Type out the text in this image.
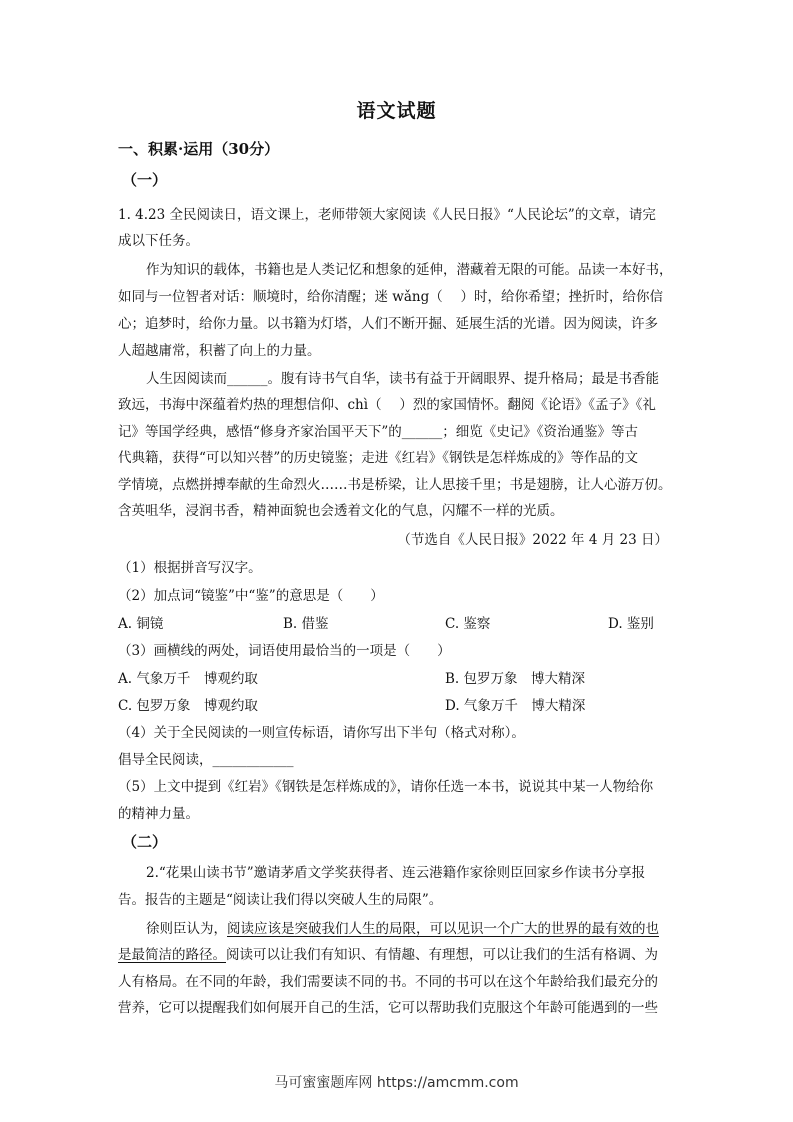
语文试题
一、积累·运用（30分）
（一）
1. 4.23 全民阅读日，语文课上，老师带领大家阅读《人民日报》“人民论坛”的文章，请完
成以下任务。
作为知识的载体，书籍也是人类记忆和想象的延伸，潜藏着无限的可能。品读一本好书，
如同与一位智者对话：顺境时，给你清醒；迷 wǎng（　 ）时，给你希望；挫折时，给你信
心；追梦时，给你力量。以书籍为灯塔，人们不断开掘、延展生活的光谱。因为阅读，许多
人超越庸常，积蓄了向上的力量。
人生因阅读而______。腹有诗书气自华，读书有益于开阔眼界、提升格局；最是书香能
致远，书海中深蕴着灼热的理想信仰、chì（　 ）烈的家国情怀。翻阅《论语》《孟子》《礼
记》等国学经典，感悟“修身齐家治国平天下”的______；细览《史记》《资治通鉴》等古
代典籍，获得“可以知兴替”的历史镜鉴；走进《红岩》《钢铁是怎样炼成的》等作品的文
学情境，点燃拼搏奉献的生命烈火……书是桥梁，让人思接千里；书是翅膀，让人心游万仞。
含英咀华，浸润书香，精神面貌也会透着文化的气息，闪耀不一样的光质。
（节选自《人民日报》2022 年 4 月 23 日）
（1）根据拼音写汉字。
（2）加点词“镜鉴”中“鉴”的意思是（　　）
A. 铜镜	B. 借鉴	C. 鉴察	D. 鉴别
（3）画横线的两处，词语使用最恰当的一项是（　　）
A. 气象万千　博观约取	B. 包罗万象　博大精深
C. 包罗万象　博观约取	D. 气象万千　博大精深
（4）关于全民阅读的一则宣传标语，请你写出下半句（格式对称）。
倡导全民阅读，____________
（5）上文中提到《红岩》《钢铁是怎样炼成的》，请你任选一本书，说说其中某一人物给你
的精神力量。
（二）
2.“花果山读书节”邀请茅盾文学奖获得者、连云港籍作家徐则臣回家乡作读书分享报
告。报告的主题是“阅读让我们得以突破人生的局限”。
徐则臣认为，阅读应该是突破我们人生的局限，可以见识一个广大的世界的最有效的也
是最简洁的路径。阅读可以让我们有知识、有情趣、有理想，可以让我们的生活有格调、为
人有格局。在不同的年龄，我们需要读不同的书。不同的书可以在这个年龄给我们最充分的
营养，它可以提醒我们如何展开自己的生活，它可以帮助我们克服这个年龄可能遇到的一些
马可蜜蜜题库网 https://amcmm.com
